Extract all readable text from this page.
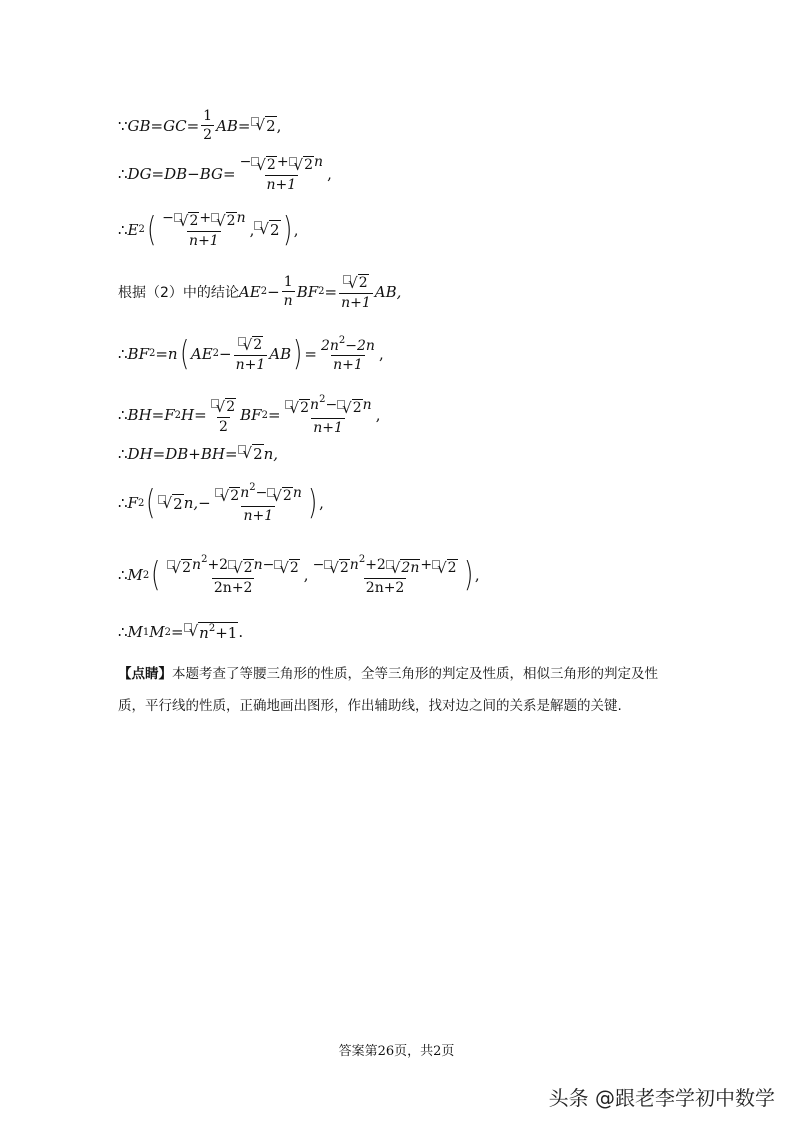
∵ $GB=GC= \frac{1}{2} AB=$ √ 2 ,
∴ $DG=DB-BG= \frac{- √ 2 + √ 2 n}{n+1}$ ,
∴ E 2 ( $\frac{- √ 2 + √ 2 n}{n+1}$ , √ 2 ) ,
根据（2）中的结论 AE $2 - \frac{1}{n}$ BF $2 = \frac{√ 2}{n+1}$ AB,
∴ BF 2 =n ( AE $2 - \frac{√ 2}{n+1}$ AB ) = $\frac{2n^2-2n}{n+1}$ ,
∴ BH=F 2 $H= \frac{√ 2}{2}$ BF $2 = \frac{√ 2 n^2- √ 2 n}{n+1}$ ,
∴ DH=DB+BH= √ 2 n,
∴ F 2 ( √ 2 $n,- \frac{√ 2 n^2- √ 2 n}{n+1}$ ) ,
∴ M 2 ( $\frac{√ 2 n^2+2 √ 2 n- √ 2}{2n+2}$ , $\frac{- √ 2 n^2+2 √ 2n + √ 2}{2n+2}$ ) ,
∴ M 1 M 2 = √ $n^2+1$ .
【点睛】本题考查了等腰三角形的性质，全等三角形的判定及性质，相似三角形的判定及性质，平行线的性质，正确地画出图形，作出辅助线，找对边之间的关系是解题的关键.
答案第26页，共2页
头条 @跟老李学初中数学
